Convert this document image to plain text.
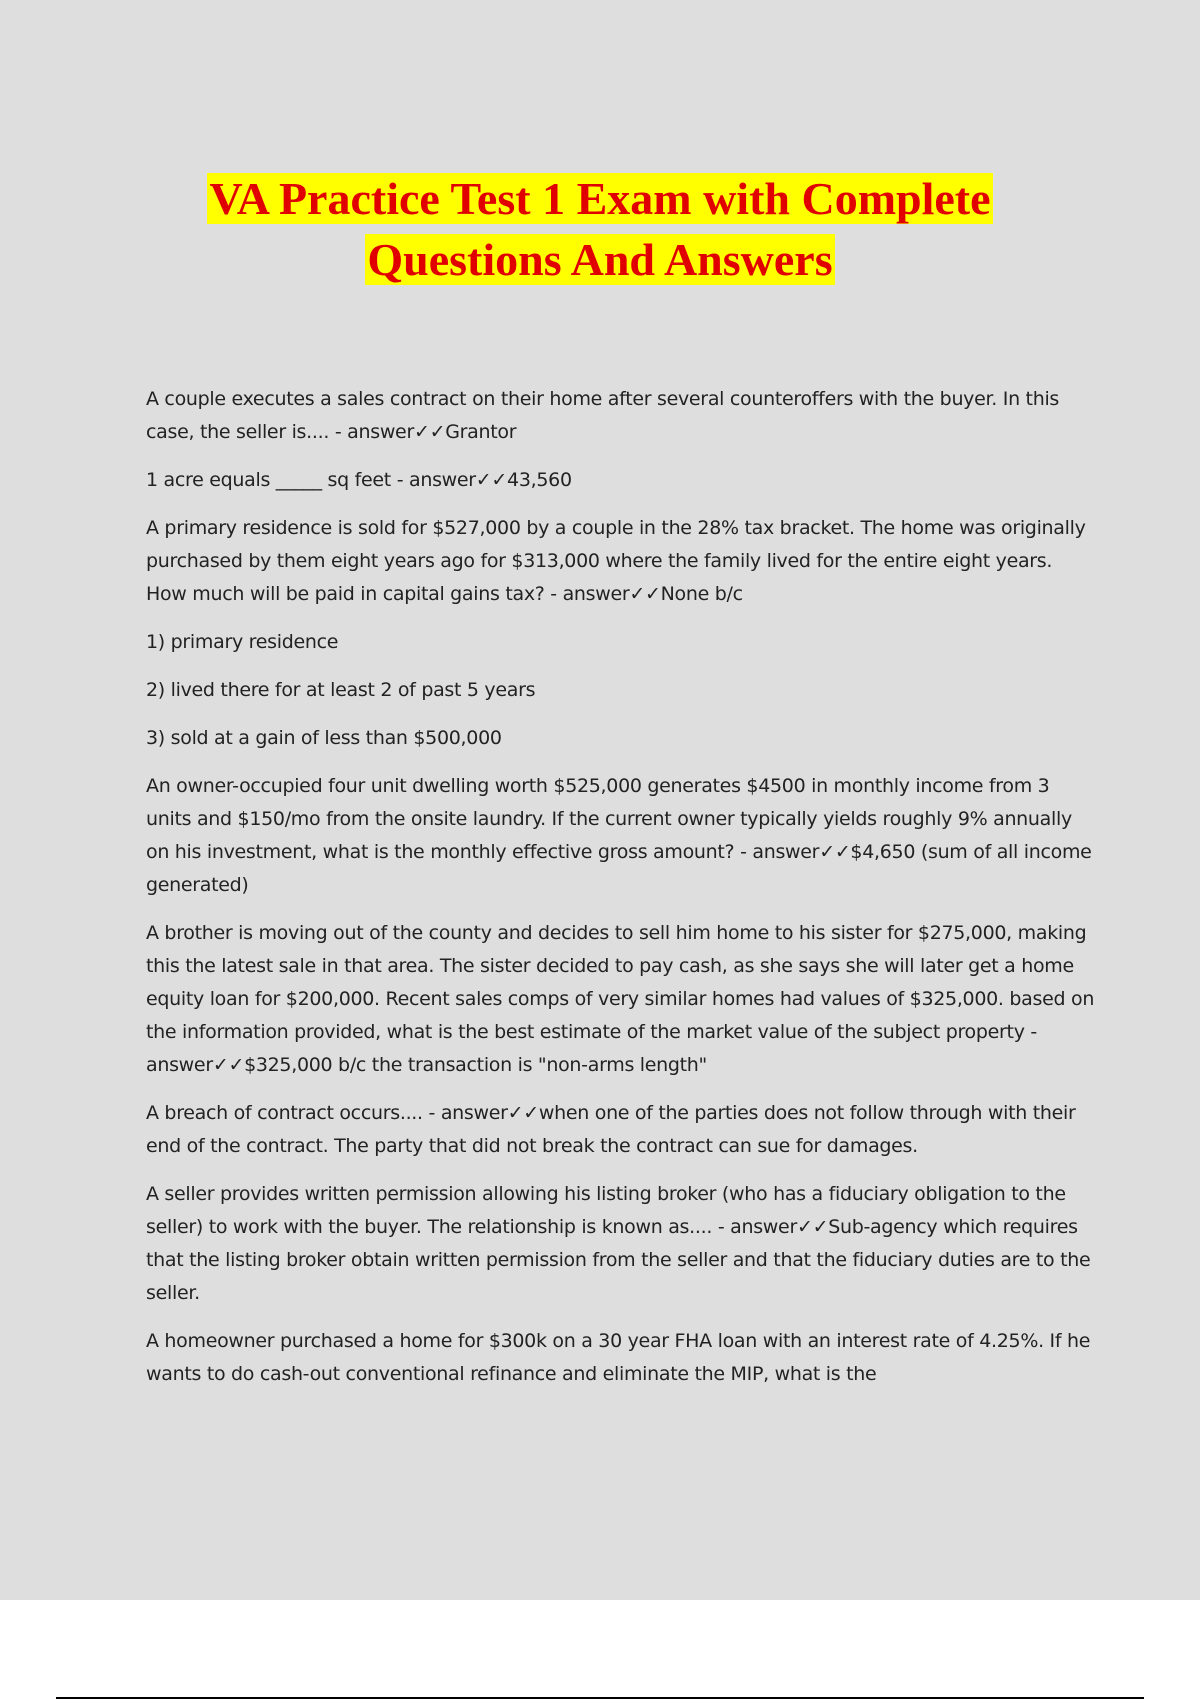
VA Practice Test 1 Exam with Complete
Questions And Answers

A couple executes a sales contract on their home after several counteroffers with the buyer. In this case, the seller is.... - answer✓✓Grantor

1 acre equals _____ sq feet - answer✓✓43,560

A primary residence is sold for $527,000 by a couple in the 28% tax bracket. The home was originally purchased by them eight years ago for $313,000 where the family lived for the entire eight years. How much will be paid in capital gains tax? - answer✓✓None b/c

1) primary residence

2) lived there for at least 2 of past 5 years

3) sold at a gain of less than $500,000

An owner-occupied four unit dwelling worth $525,000 generates $4500 in monthly income from 3 units and $150/mo from the onsite laundry. If the current owner typically yields roughly 9% annually on his investment, what is the monthly effective gross amount? - answer✓✓$4,650 (sum of all income generated)

A brother is moving out of the county and decides to sell him home to his sister for $275,000, making this the latest sale in that area. The sister decided to pay cash, as she says she will later get a home equity loan for $200,000. Recent sales comps of very similar homes had values of $325,000. based on the information provided, what is the best estimate of the market value of the subject property - answer✓✓$325,000 b/c the transaction is "non-arms length"

A breach of contract occurs.... - answer✓✓when one of the parties does not follow through with their end of the contract. The party that did not break the contract can sue for damages.

A seller provides written permission allowing his listing broker (who has a fiduciary obligation to the seller) to work with the buyer. The relationship is known as.... - answer✓✓Sub-agency which requires that the listing broker obtain written permission from the seller and that the fiduciary duties are to the seller.

A homeowner purchased a home for $300k on a 30 year FHA loan with an interest rate of 4.25%. If he wants to do cash-out conventional refinance and eliminate the MIP, what is the
